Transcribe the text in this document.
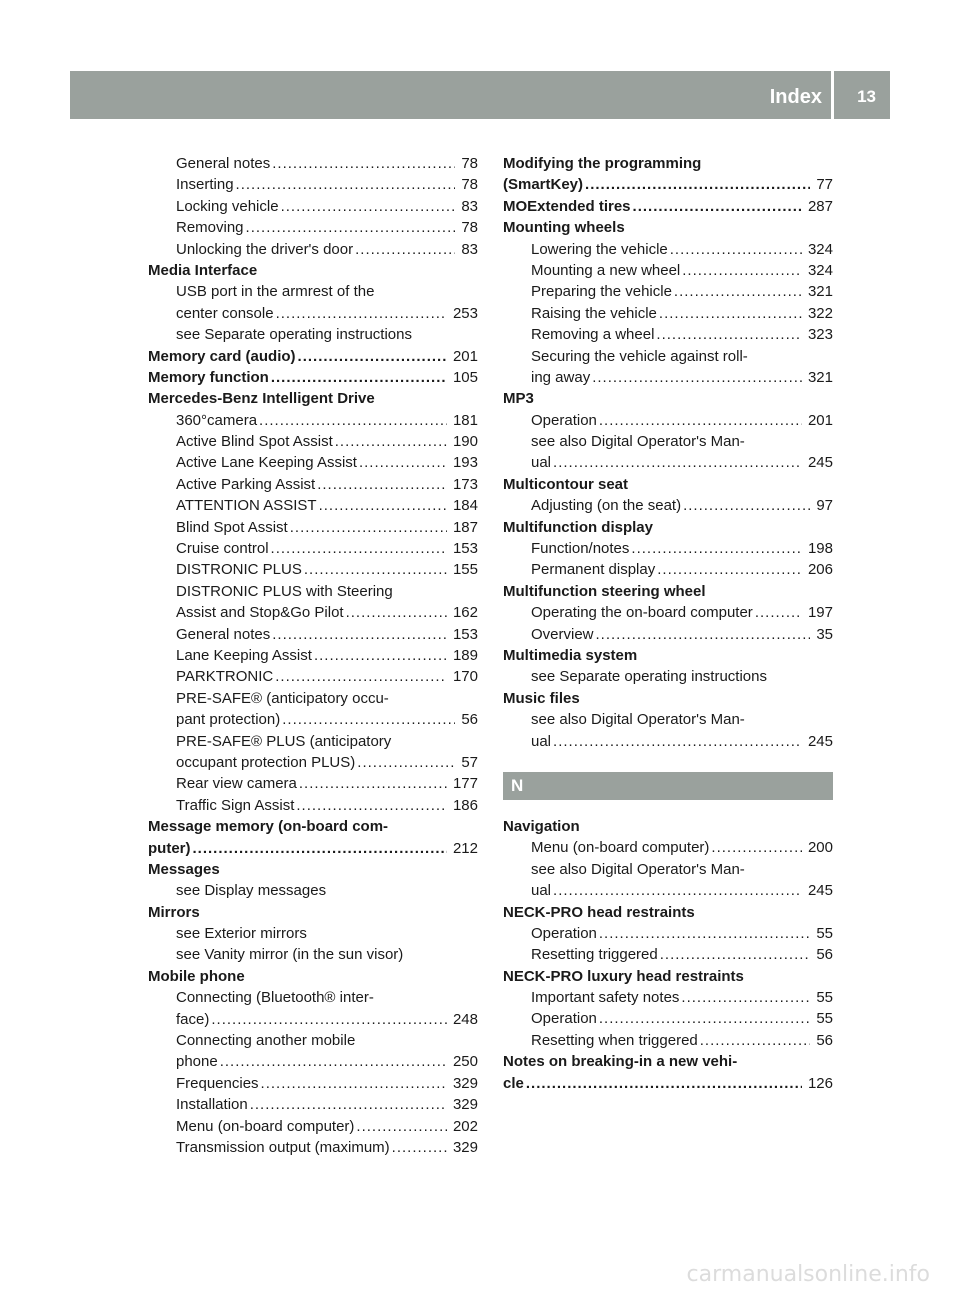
Index 13
General notes .....	78
Inserting .....	78
Locking vehicle .....	83
Removing .....	78
Unlocking the driver's door .....	83
Media Interface
USB port in the armrest of the
center console .....	253
see Separate operating instructions
Memory card (audio) .....	201
Memory function .....	105
Mercedes-Benz Intelligent Drive
360°camera .....	181
Active Blind Spot Assist .....	190
Active Lane Keeping Assist .....	193
Active Parking Assist .....	173
ATTENTION ASSIST .....	184
Blind Spot Assist .....	187
Cruise control .....	153
DISTRONIC PLUS .....	155
DISTRONIC PLUS with Steering
Assist and Stop&Go Pilot .....	162
General notes .....	153
Lane Keeping Assist .....	189
PARKTRONIC .....	170
PRE-SAFE® (anticipatory occu-
pant protection) .....	56
PRE-SAFE® PLUS (anticipatory
occupant protection PLUS) .....	57
Rear view camera .....	177
Traffic Sign Assist .....	186
Message memory (on-board com-
puter) .....	212
Messages
see Display messages
Mirrors
see Exterior mirrors
see Vanity mirror (in the sun visor)
Mobile phone
Connecting (Bluetooth® inter-
face) .....	248
Connecting another mobile
phone .....	250
Frequencies .....	329
Installation .....	329
Menu (on-board computer) .....	202
Transmission output (maximum) .....	329
Modifying the programming
(SmartKey) .....	77
MOExtended tires .....	287
Mounting wheels
Lowering the vehicle .....	324
Mounting a new wheel .....	324
Preparing the vehicle .....	321
Raising the vehicle .....	322
Removing a wheel .....	323
Securing the vehicle against roll-
ing away .....	321
MP3
Operation .....	201
see also Digital Operator's Man-
ual .....	245
Multicontour seat
Adjusting (on the seat) .....	97
Multifunction display
Function/notes .....	198
Permanent display .....	206
Multifunction steering wheel
Operating the on-board computer .....	197
Overview .....	35
Multimedia system
see Separate operating instructions
Music files
see also Digital Operator's Man-
ual .....	245
N
Navigation
Menu (on-board computer) .....	200
see also Digital Operator's Man-
ual .....	245
NECK-PRO head restraints
Operation .....	55
Resetting triggered .....	56
NECK-PRO luxury head restraints
Important safety notes .....	55
Operation .....	55
Resetting when triggered .....	56
Notes on breaking-in a new vehi-
cle .....	126
carmanualsonline.info
